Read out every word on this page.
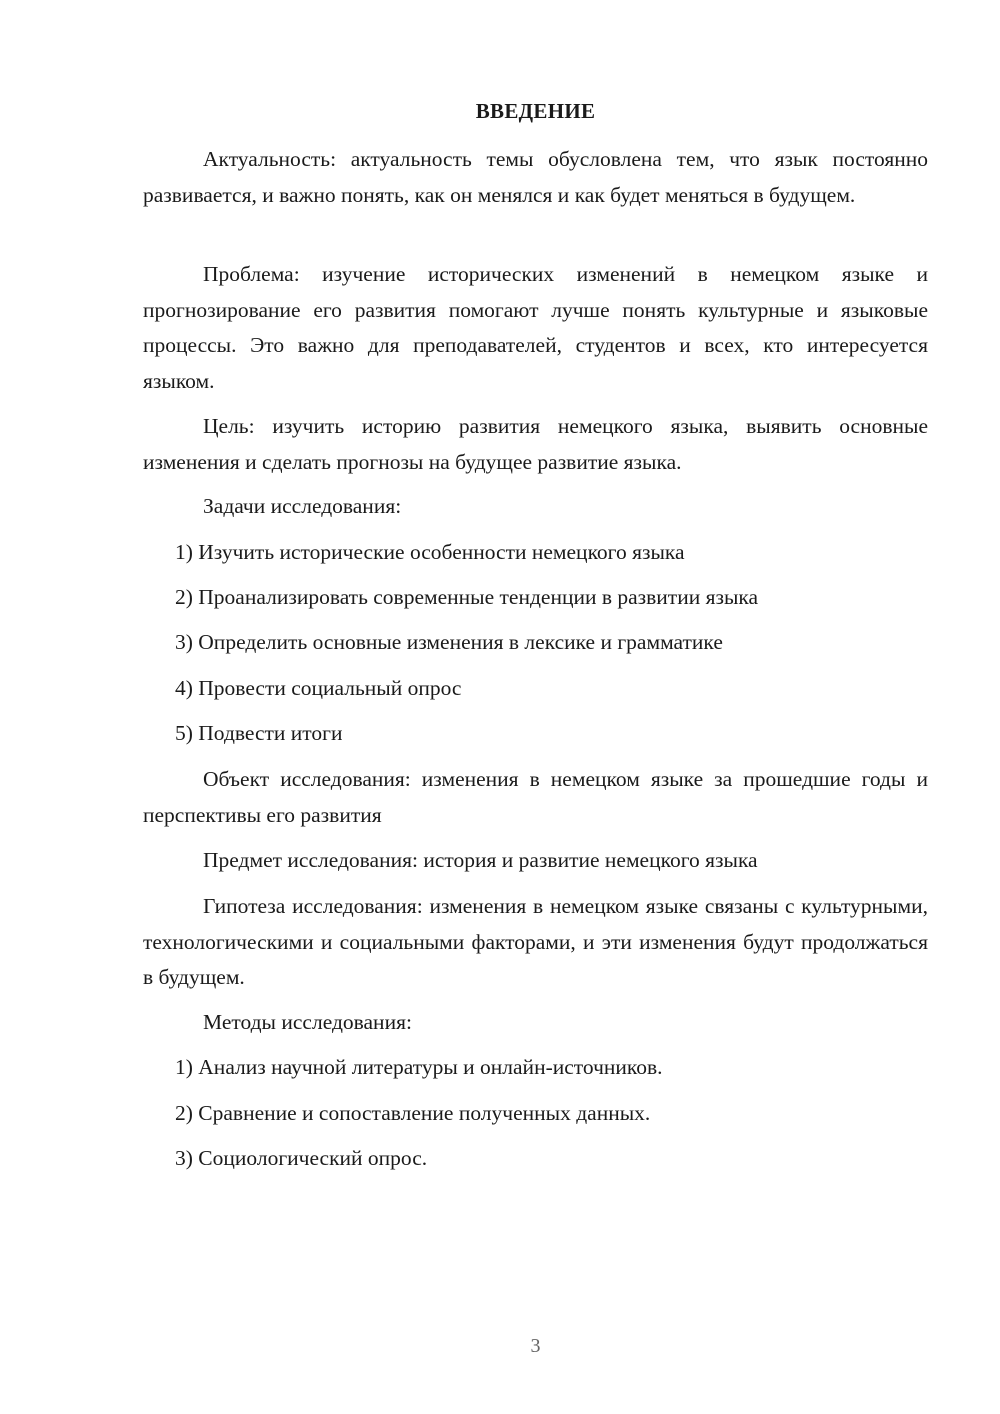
ВВЕДЕНИЕ

Актуальность: актуальность темы обусловлена тем, что язык постоянно развивается, и важно понять, как он менялся и как будет меняться в будущем.

Проблема: изучение исторических изменений в немецком языке и прогнозирование его развития помогают лучше понять культурные и языковые процессы. Это важно для преподавателей, студентов и всех, кто интересуется языком.

Цель: изучить историю развития немецкого языка, выявить основные изменения и сделать прогнозы на будущее развитие языка.

Задачи исследования:

1) Изучить исторические особенности немецкого языка

2) Проанализировать современные тенденции в развитии языка

3) Определить основные изменения в лексике и грамматике

4) Провести социальный опрос

5) Подвести итоги

Объект исследования: изменения в немецком языке за прошедшие годы и перспективы его развития

Предмет исследования: история и развитие немецкого языка

Гипотеза исследования: изменения в немецком языке связаны с культурными, технологическими и социальными факторами, и эти изменения будут продолжаться в будущем.

Методы исследования:

1) Анализ научной литературы и онлайн-источников.

2) Сравнение и сопоставление полученных данных.

3) Социологический опрос.

3
